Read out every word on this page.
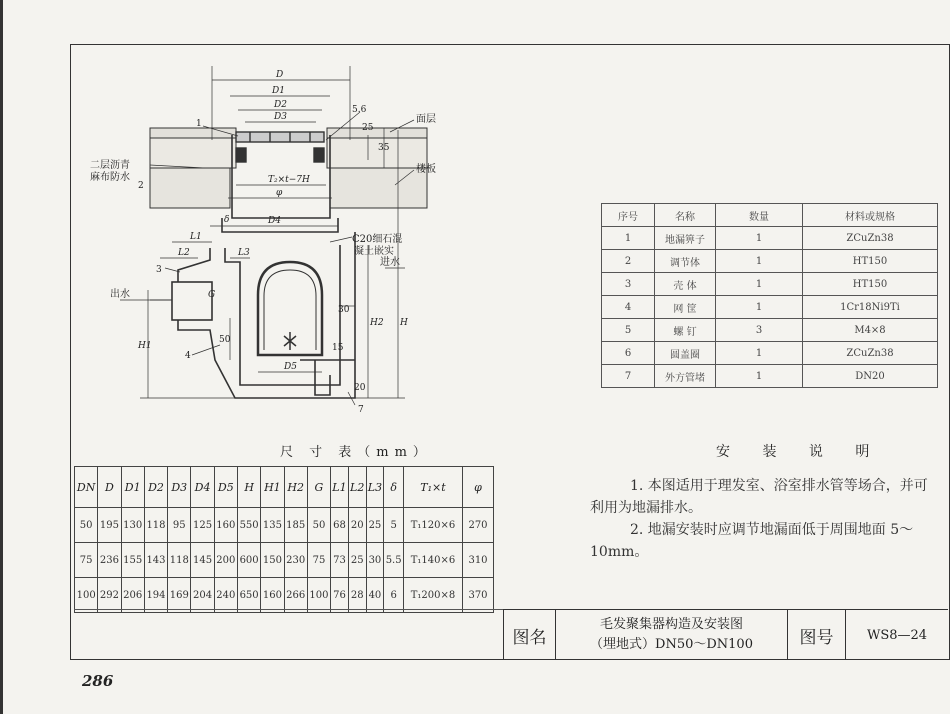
D
D1
D2
D3
T₂×t−7H
φ
D4
δ
L1
L2	L3
G
D5
H1
H2 H
1
2
3
4
5.6
7
25
35
50
30
15
20
面层
楼板
二层沥青
麻布防水
C20细石混
凝土嵌实
进水
出水
序号	名称	数量	材料或规格
1	地漏箅子	1	ZCuZn38
2	调节体	1	HT150
3	壳 体	1	HT150
4	网 筐	1	1Cr18Ni9Ti
5	螺 钉	3	M4×8
6	圆盖圈	1	ZCuZn38
7	外方管堵	1	DN20
尺 寸 表（mm）
DN	D	D1	D2	D3	D4	D5	H	H1	H2	G	L1	L2	L3	δ	T₁×t	φ
50	195	130	118	95	125	160	550	135	185	50	68	20	25	5	T₁120×6	270
75	236	155	143	118	145	200	600	150	230	75	73	25	30	5.5	T₁140×6	310
100	292	206	194	169	204	240	650	160	266	100	76	28	40	6	T₁200×8	370
安 装 说 明
1. 本图适用于理发室、浴室排水管等场合，并可利用为地漏排水。
2. 地漏安装时应调节地漏面低于周围地面 5～10mm。
图名
毛发聚集器构造及安装图
（埋地式）DN50～DN100	图号	WS8—24
286
